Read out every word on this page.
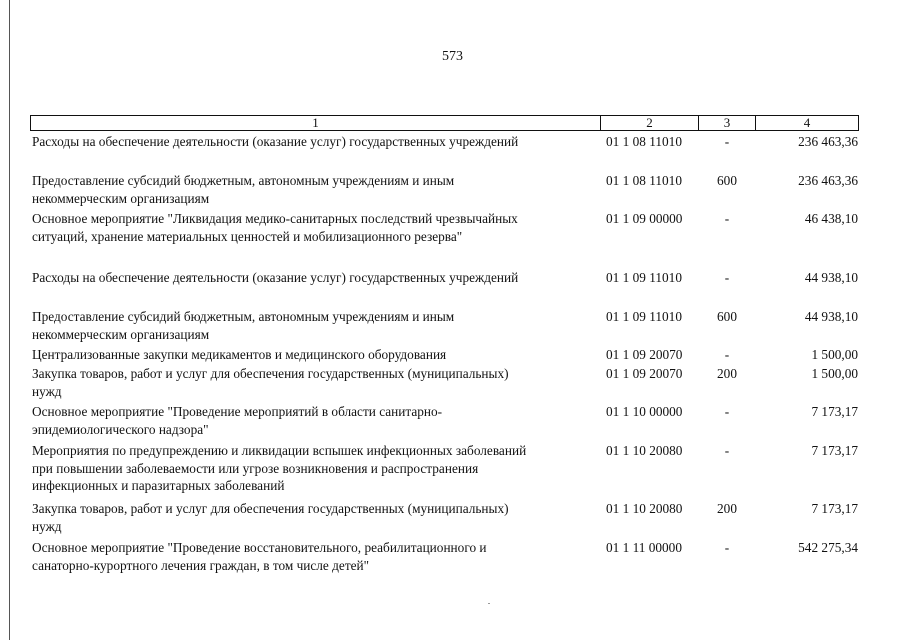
573
1	2	3	4
Расходы на обеспечение деятельности (оказание услуг) государственных учреждений	01 1 08 11010	-	236 463,36
Предоставление субсидий бюджетным, автономным учреждениям и иным
некоммерческим организациям
01 1 08 11010	600	236 463,36
Основное мероприятие "Ликвидация медико-санитарных последствий чрезвычайных
ситуаций, хранение материальных ценностей и мобилизационного резерва"
01 1 09 00000	-	46 438,10
Расходы на обеспечение деятельности (оказание услуг) государственных учреждений	01 1 09 11010	-	44 938,10
Предоставление субсидий бюджетным, автономным учреждениям и иным
некоммерческим организациям
01 1 09 11010	600	44 938,10
Централизованные закупки медикаментов и медицинского оборудования	01 1 09 20070	-	1 500,00
Закупка товаров, работ и услуг для обеспечения государственных (муниципальных)
нужд
01 1 09 20070	200	1 500,00
Основное мероприятие "Проведение мероприятий в области санитарно-
эпидемиологического надзора"
01 1 10 00000	-	7 173,17
Мероприятия по предупреждению и ликвидации вспышек инфекционных заболеваний
при повышении заболеваемости или угрозе возникновения и распространения
инфекционных и паразитарных заболеваний
01 1 10 20080	-	7 173,17
Закупка товаров, работ и услуг для обеспечения государственных (муниципальных)
нужд
01 1 10 20080	200	7 173,17
Основное мероприятие "Проведение восстановительного, реабилитационного и
санаторно-курортного лечения граждан, в том числе детей"
01 1 11 00000	-	542 275,34
